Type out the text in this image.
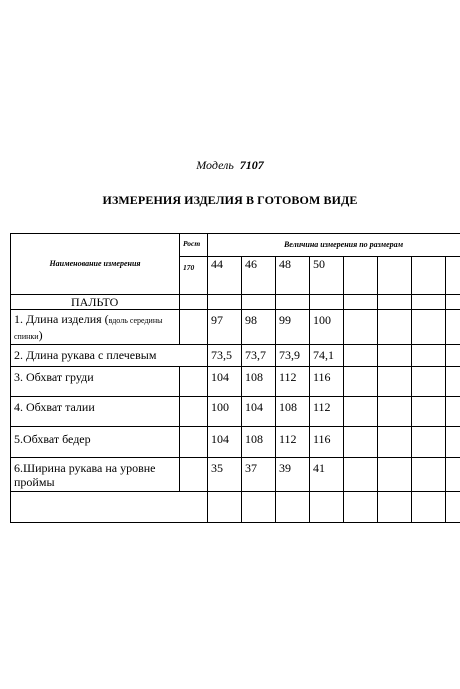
Модель 7107
ИЗМЕРЕНИЯ ИЗДЕЛИЯ В ГОТОВОМ ВИДЕ
Наименование измерения	Рост	Величина измерения по размерам							
	170	44	46	48	50				
ПАЛЬТО									
1. Длина изделия (вдоль середины спинки)		97	98	99	100				
2. Длина рукава с плечевым		73,5	73,7	73,9	74,1				
3. Обхват груди		104	108	112	116				
4. Обхват талии		100	104	108	112				
5.Обхват бедер		104	108	112	116				
6.Ширина рукава на уровне проймы		35	37	39	41				
